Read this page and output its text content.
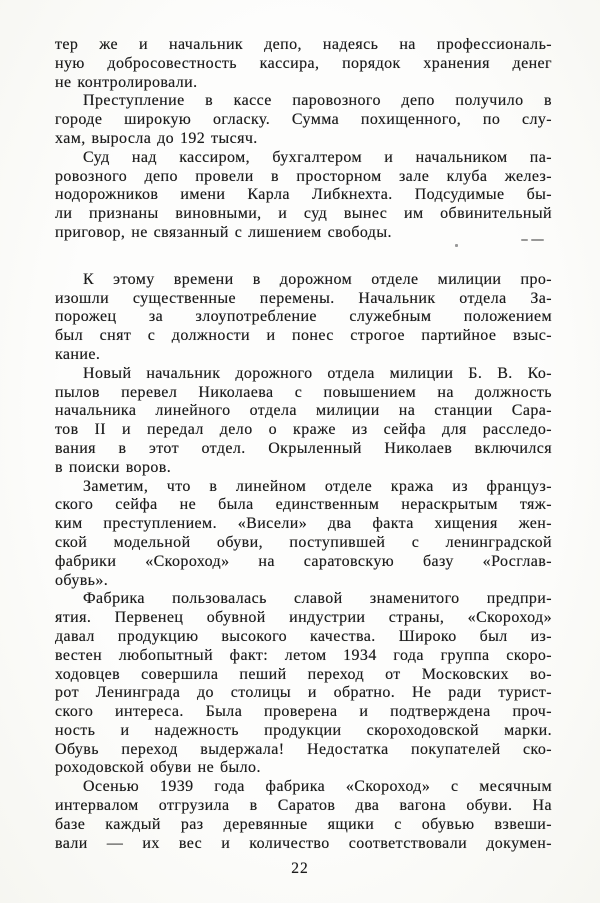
тер же и начальник депо, надеясь на профессиональ-
ную добросовестность кассира, порядок хранения денег
не контролировали.
Преступление в кассе паровозного депо получило в
городе широкую огласку. Сумма похищенного, по слу-
хам, выросла до 192 тысяч.
Суд над кассиром, бухгалтером и начальником па-
ровозного депо провели в просторном зале клуба желез-
нодорожников имени Карла Либкнехта. Подсудимые бы-
ли признаны виновными, и суд вынес им обвинительный
приговор, не связанный с лишением свободы.
К этому времени в дорожном отделе милиции про-
изошли существенные перемены. Начальник отдела За-
порожец за злоупотребление служебным положением
был снят с должности и понес строгое партийное взыс-
кание.
Новый начальник дорожного отдела милиции Б. В. Ко-
пылов перевел Николаева с повышением на должность
начальника линейного отдела милиции на станции Сара-
тов II и передал дело о краже из сейфа для расследо-
вания в этот отдел. Окрыленный Николаев включился
в поиски воров.
Заметим, что в линейном отделе кража из француз-
ского сейфа не была единственным нераскрытым тяж-
ким преступлением. «Висели» два факта хищения жен-
ской модельной обуви, поступившей с ленинградской
фабрики «Скороход» на саратовскую базу «Росглав-
обувь».
Фабрика пользовалась славой знаменитого предпри-
ятия. Первенец обувной индустрии страны, «Скороход»
давал продукцию высокого качества. Широко был из-
вестен любопытный факт: летом 1934 года группа скоро-
ходовцев совершила пеший переход от Московских во-
рот Ленинграда до столицы и обратно. Не ради турист-
ского интереса. Была проверена и подтверждена проч-
ность и надежность продукции скороходовской марки.
Обувь переход выдержала! Недостатка покупателей ско-
роходовской обуви не было.
Осенью 1939 года фабрика «Скороход» с месячным
интервалом отгрузила в Саратов два вагона обуви. На
базе каждый раз деревянные ящики с обувью взвеши-
вали — их вес и количество соответствовали докумен-
22
